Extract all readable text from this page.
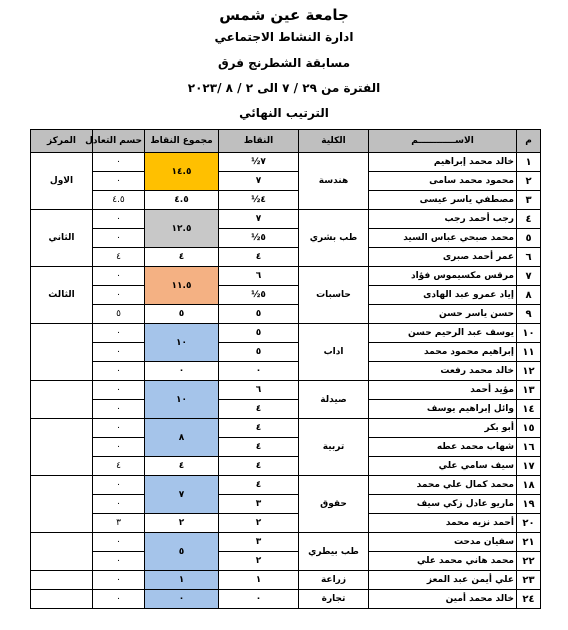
جامعة عين شمس
ادارة النشاط الاجتماعي
مسابقة الشطرنج فرق
الفترة من ٢٩ / ٧ الى ٢ / ٨ /٢٠٢٣
الترتيب النهائي
م	الاســــــــــــم	الكلية	النقاط	مجموع النقاط	حسم التعادل	المركز
١	خالد محمد إبراهيم	هندسة	٧½	١٤.٥	٠	الاول
٢	محمود محمد سامى		٧		٠	
٣	مصطفي ياسر عيسى		٤½	٤.٥	٤.٥	
٤	رجب أحمد رجب	طب بشري	٧	١٢.٥	٠	الثاني
٥	محمد صبحي عباس السيد		٥½		٠	
٦	عمر أحمد صبرى		٤	٤	٤	
٧	مرقس مكسيموس فؤاد	حاسبات	٦	١١.٥	٠	الثالث
٨	إياد عمرو عبد الهادى		٥½		٠	
٩	حسن ياسر حسن		٥	٥	٥	
١٠	يوسف عبد الرحيم حسن	اداب	٥	١٠	٠	
١١	إبراهيم محمود محمد		٥		٠	
١٢	خالد محمد رفعت		٠	٠	٠	
١٣	مؤيد أحمد	صيدلة	٦	١٠	٠	
١٤	وائل إبراهيم يوسف		٤		٠	
١٥	أبو بكر	تربية	٤	٨	٠	
١٦	شهاب محمد عطه		٤		٠	
١٧	سيف سامي علي		٤	٤	٤	
١٨	محمد كمال علي محمد	حقوق	٤	٧	٠	
١٩	ماريو عادل زكي سيف		٣		٠	
٢٠	أحمد نزيه محمد		٢	٢	٣	
٢١	سفيان مدحت	طب بيطري	٣	٥	٠	
٢٢	محمد هاني محمد علي		٢		٠	
٢٣	علي أيمن عبد المعز	زراعة	١	١	٠	
٢٤	خالد محمد أمين	تجارة	٠	٠	٠	
